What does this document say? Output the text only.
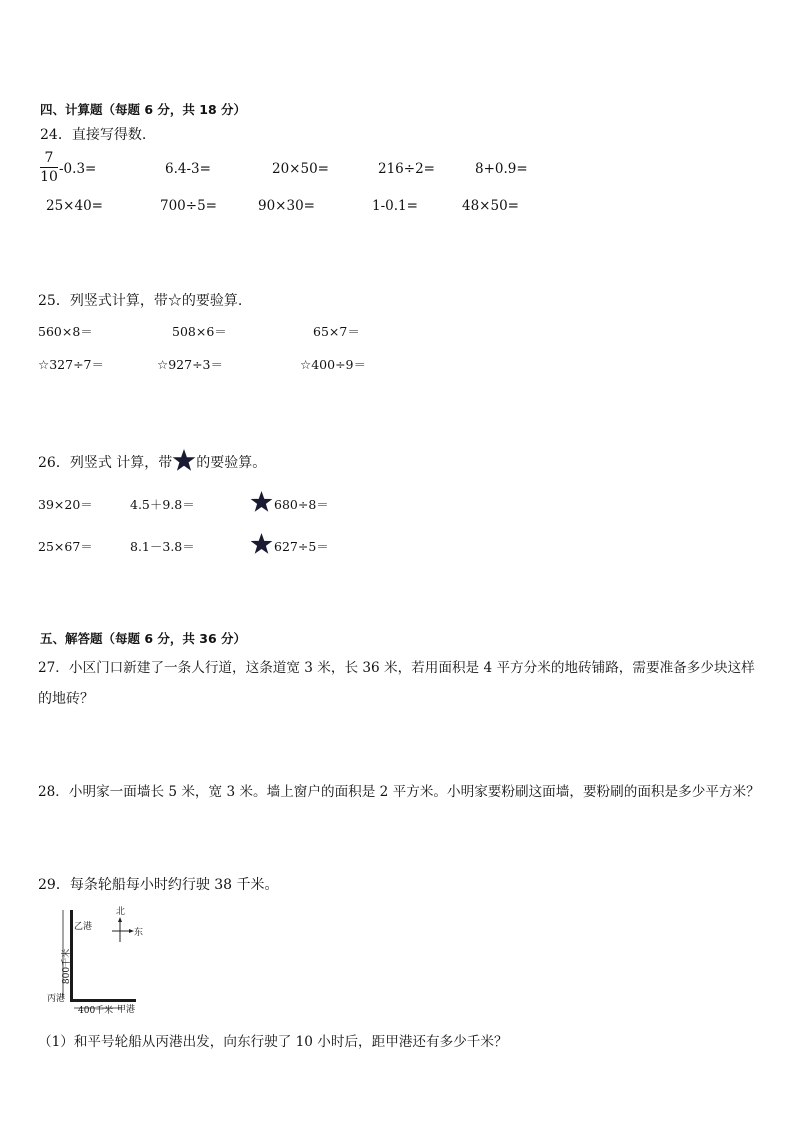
四、计算题（每题 6 分，共 18 分）
24．直接写得数.
7
10 -0.3=	6.4-3=	20×50=	216÷2=	8+0.9=
25×40=	700÷5=	90×30=	1-0.1=	48×50=
25．列竖式计算，带☆的要验算.
560×8＝	508×6＝	65×7＝
☆327÷7＝	☆927÷3＝	☆400÷9＝
26．列竖式 计算，带 的要验算。
39×20＝	4.5＋9.8＝	680÷8＝
25×67＝	8.1－3.8＝	627÷5＝
五、解答题（每题 6 分，共 36 分）
27．小区门口新建了一条人行道，这条道宽 3 米，长 36 米，若用面积是 4 平方分米的地砖铺路，需要准备多少块这样
的地砖？
28．小明家一面墙长 5 米，宽 3 米。墙上窗户的面积是 2 平方米。小明家要粉刷这面墙，要粉刷的面积是多少平方米？
29．每条轮船每小时约行驶 38 千米。
北
东
乙港
丙港
甲港
800千米
400千米
（1）和平号轮船从丙港出发，向东行驶了 10 小时后，距甲港还有多少千米？
